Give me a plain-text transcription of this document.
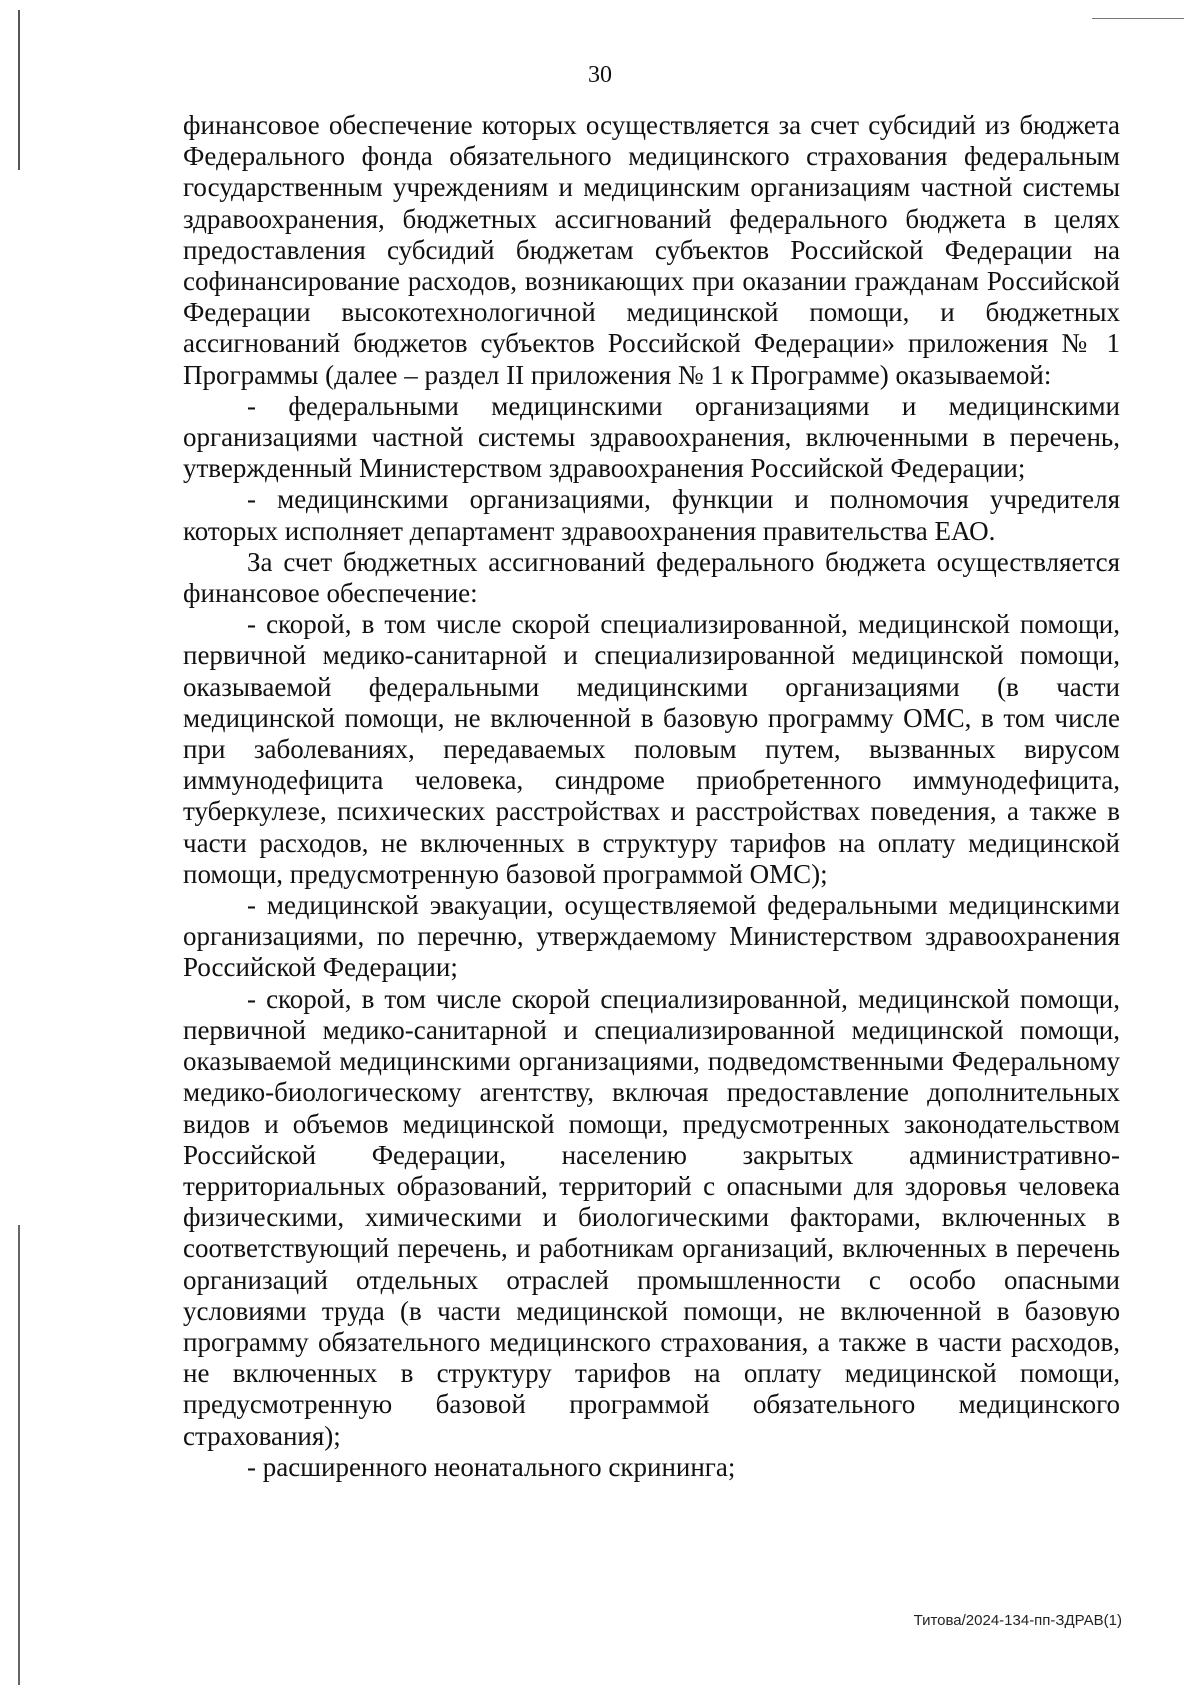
30

финансовое обеспечение которых осуществляется за счет субсидий из бюджета Федерального фонда обязательного медицинского страхования федеральным государственным учреждениям и медицинским организациям частной системы здравоохранения, бюджетных ассигнований федерального бюджета в целях предоставления субсидий бюджетам субъектов Российской Федерации на софинансирование расходов, возникающих при оказании гражданам Российской Федерации высокотехнологичной медицинской помощи, и бюджетных ассигнований бюджетов субъектов Российской Федерации» приложения № 1 Программы (далее – раздел II приложения № 1 к Программе) оказываемой:

- федеральными медицинскими организациями и медицинскими организациями частной системы здравоохранения, включенными в перечень, утвержденный Министерством здравоохранения Российской Федерации;

- медицинскими организациями, функции и полномочия учредителя которых исполняет департамент здравоохранения правительства ЕАО.

За счет бюджетных ассигнований федерального бюджета осуществляется финансовое обеспечение:

- скорой, в том числе скорой специализированной, медицинской помощи, первичной медико-санитарной и специализированной медицинской помощи, оказываемой федеральными медицинскими организациями (в части медицинской помощи, не включенной в базовую программу ОМС, в том числе при заболеваниях, передаваемых половым путем, вызванных вирусом иммунодефицита человека, синдроме приобретенного иммунодефицита, туберкулезе, психических расстройствах и расстройствах поведения, а также в части расходов, не включенных в структуру тарифов на оплату медицинской помощи, предусмотренную базовой программой ОМС);

- медицинской эвакуации, осуществляемой федеральными медицинскими организациями, по перечню, утверждаемому Министерством здравоохранения Российской Федерации;

- скорой, в том числе скорой специализированной, медицинской помощи, первичной медико-санитарной и специализированной медицинской помощи, оказываемой медицинскими организациями, подведомственными Федеральному медико-биологическому агентству, включая предоставление дополнительных видов и объемов медицинской помощи, предусмотренных законодательством Российской Федерации, населению закрытых административно-территориальных образований, территорий с опасными для здоровья человека физическими, химическими и биологическими факторами, включенных в соответствующий перечень, и работникам организаций, включенных в перечень организаций отдельных отраслей промышленности с особо опасными условиями труда (в части медицинской помощи, не включенной в базовую программу обязательного медицинского страхования, а также в части расходов, не включенных в структуру тарифов на оплату медицинской помощи, предусмотренную базовой программой обязательного медицинского страхования);

- расширенного неонатального скрининга;

Титова/2024-134-пп-ЗДРАВ(1)
